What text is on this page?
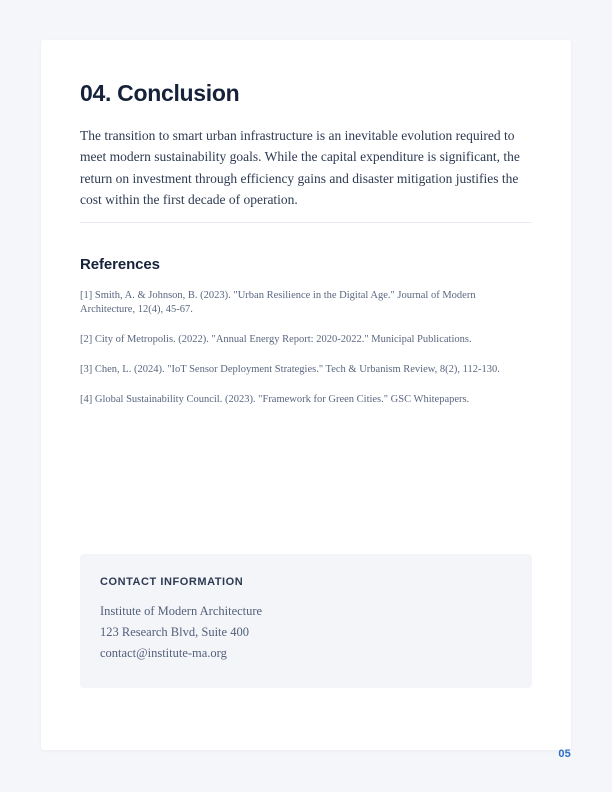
04. Conclusion

The transition to smart urban infrastructure is an inevitable evolution required to meet modern sustainability goals. While the capital expenditure is significant, the return on investment through efficiency gains and disaster mitigation justifies the cost within the first decade of operation.

References

[1] Smith, A. & Johnson, B. (2023). "Urban Resilience in the Digital Age." Journal of Modern Architecture, 12(4), 45-67.

[2] City of Metropolis. (2022). "Annual Energy Report: 2020-2022." Municipal Publications.

[3] Chen, L. (2024). "IoT Sensor Deployment Strategies." Tech & Urbanism Review, 8(2), 112-130.

[4] Global Sustainability Council. (2023). "Framework for Green Cities." GSC Whitepapers.

CONTACT INFORMATION

Institute of Modern Architecture

123 Research Blvd, Suite 400

contact@institute-ma.org

05
